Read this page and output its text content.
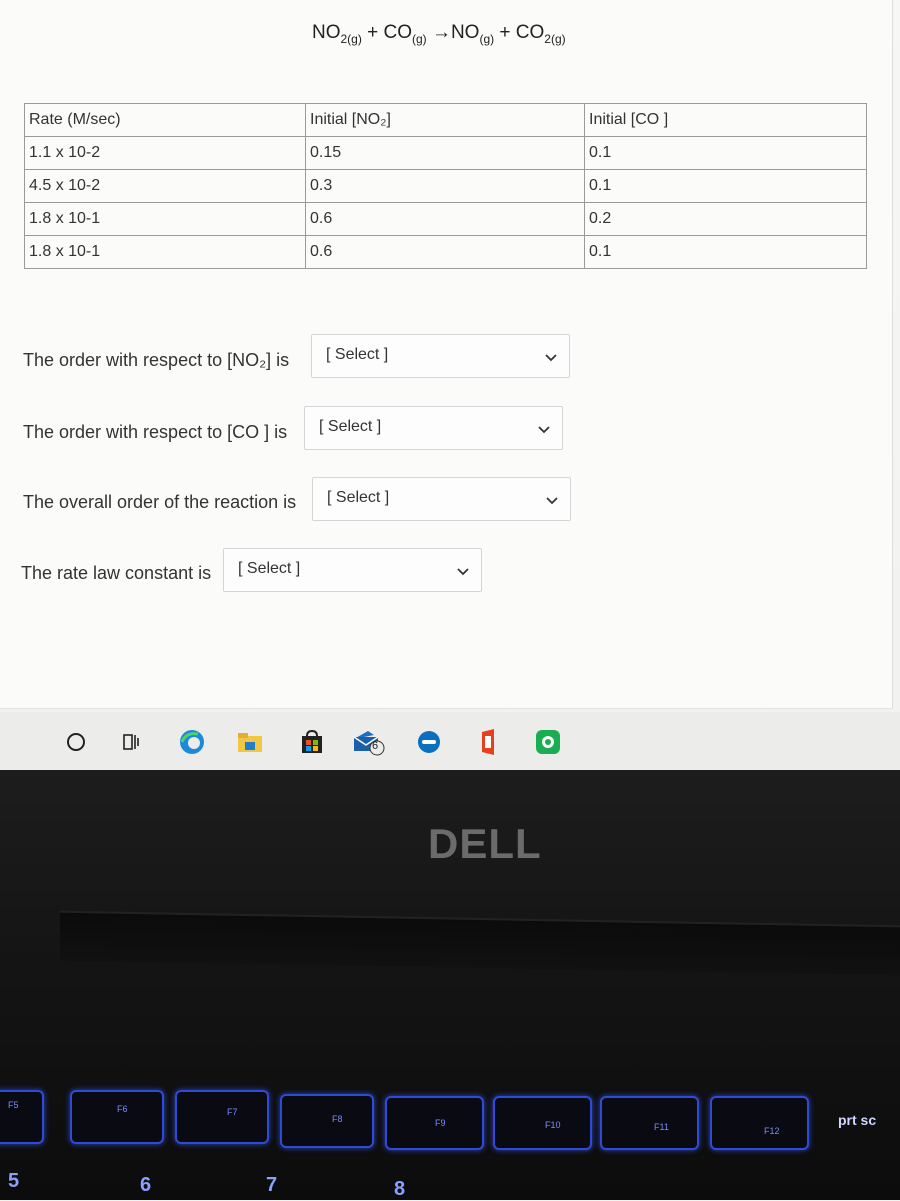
$NO_{2(g)} + CO_{(g)} \to NO_{(g)} + CO_{2(g)}$
Rate (M/sec)	Initial [NO₂]	Initial [CO ]
1.1 x 10-2	0.15	0.1
4.5 x 10-2	0.3	0.1
1.8 x 10-1	0.6	0.2
1.8 x 10-1	0.6	0.1
The order with respect to [NO₂] is [ Select ]
The order with respect to [CO ] is [ Select ]
The overall order of the reaction is [ Select ]
The rate law constant is [ Select ]
6
DELL
F5	F6	F7
F8	F9	F10	F11	F12
prt sc
5	6	7	8
